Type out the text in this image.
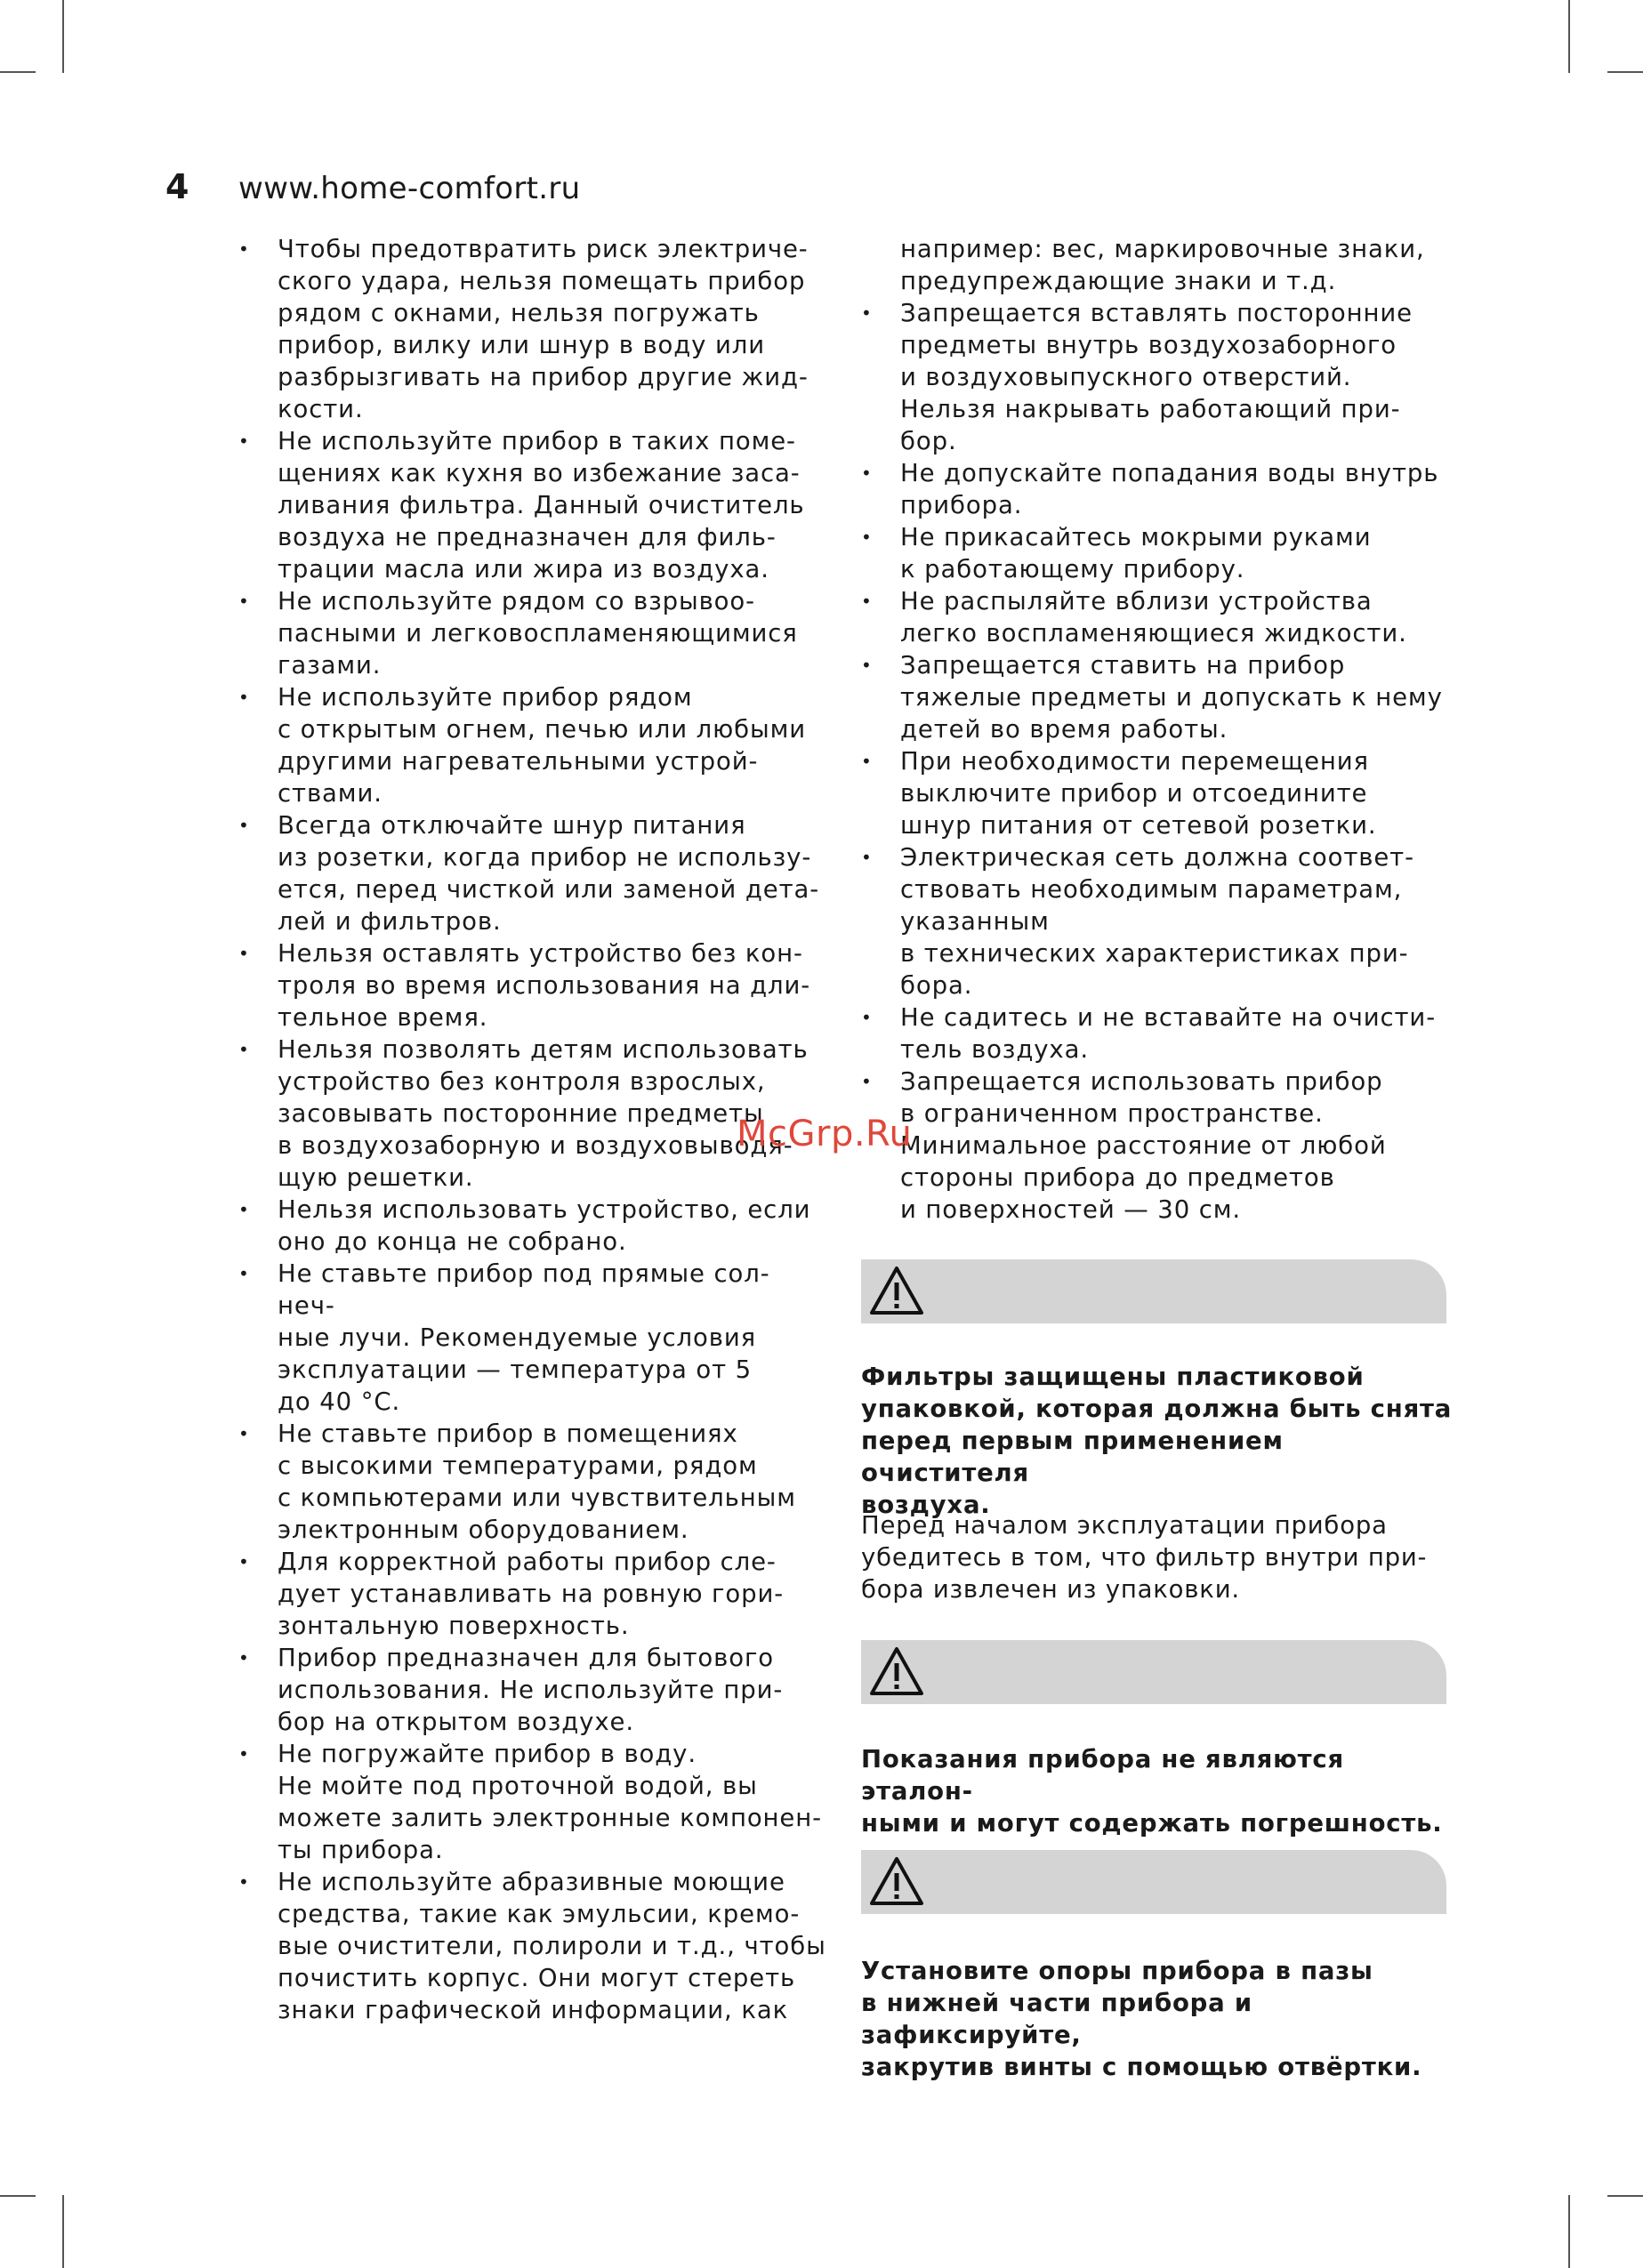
4	www.home-comfort.ru
• Чтобы предотвратить риск электриче-
ского удара, нельзя помещать прибор
рядом с окнами, нельзя погружать
прибор, вилку или шнур в воду или
разбрызгивать на прибор другие жид-
кости.
• Не используйте прибор в таких поме-
щениях как кухня во избежание заса-
ливания фильтра. Данный очиститель
воздуха не предназначен для филь-
трации масла или жира из воздуха.
• Не используйте рядом со взрывоо-
пасными и легковоспламеняющимися
газами.
• Не используйте прибор рядом
с открытым огнем, печью или любыми
другими нагревательными устрой-
ствами.
• Всегда отключайте шнур питания
из розетки, когда прибор не использу-
ется, перед чисткой или заменой дета-
лей и фильтров.
• Нельзя оставлять устройство без кон-
троля во время использования на дли-
тельное время.
• Нельзя позволять детям использовать
устройство без контроля взрослых,
засовывать посторонние предметы
в воздухозаборную и воздуховыводя-
щую решетки.
• Нельзя использовать устройство, если
оно до конца не собрано.
• Не ставьте прибор под прямые сол-
неч-
ные лучи. Рекомендуемые условия
эксплуатации — температура от 5
до 40 °С.
• Не ставьте прибор в помещениях
с высокими температурами, рядом
с компьютерами или чувствительным
электронным оборудованием.
• Для корректной работы прибор сле-
дует устанавливать на ровную гори-
зонтальную поверхность.
• Прибор предназначен для бытового
использования. Не используйте при-
бор на открытом воздухе.
• Не погружайте прибор в воду.
Не мойте под проточной водой, вы
можете залить электронные компонен-
ты прибора.
• Не используйте абразивные моющие
средства, такие как эмульсии, кремо-
вые очистители, полироли и т.д., чтобы
почистить корпус. Они могут стереть
знаки графической информации, как
например: вес, маркировочные знаки,
предупреждающие знаки и т.д.
• Запрещается вставлять посторонние
предметы внутрь воздухозаборного
и воздуховыпускного отверстий.
Нельзя накрывать работающий при-
бор.
• Не допускайте попадания воды внутрь
прибора.
• Не прикасайтесь мокрыми руками
к работающему прибору.
• Не распыляйте вблизи устройства
легко воспламеняющиеся жидкости.
• Запрещается ставить на прибор
тяжелые предметы и допускать к нему
детей во время работы.
• При необходимости перемещения
выключите прибор и отсоедините
шнур питания от сетевой розетки.
• Электрическая сеть должна соответ-
ствовать необходимым параметрам,
указанным
в технических характеристиках при-
бора.
• Не садитесь и не вставайте на очисти-
тель воздуха.
• Запрещается использовать прибор
в ограниченном пространстве.
Минимальное расстояние от любой
стороны прибора до предметов
и поверхностей — 30 см.
Фильтры защищены пластиковой
упаковкой, которая должна быть снята
перед первым применением очистителя
воздуха.
Перед началом эксплуатации прибора
убедитесь в том, что фильтр внутри при-
бора извлечен из упаковки.
Показания прибора не являются эталон-
ными и могут содержать погрешность.
Установите опоры прибора в пазы
в нижней части прибора и зафиксируйте,
закрутив винты с помощью отвёртки.
McGrp.Ru
